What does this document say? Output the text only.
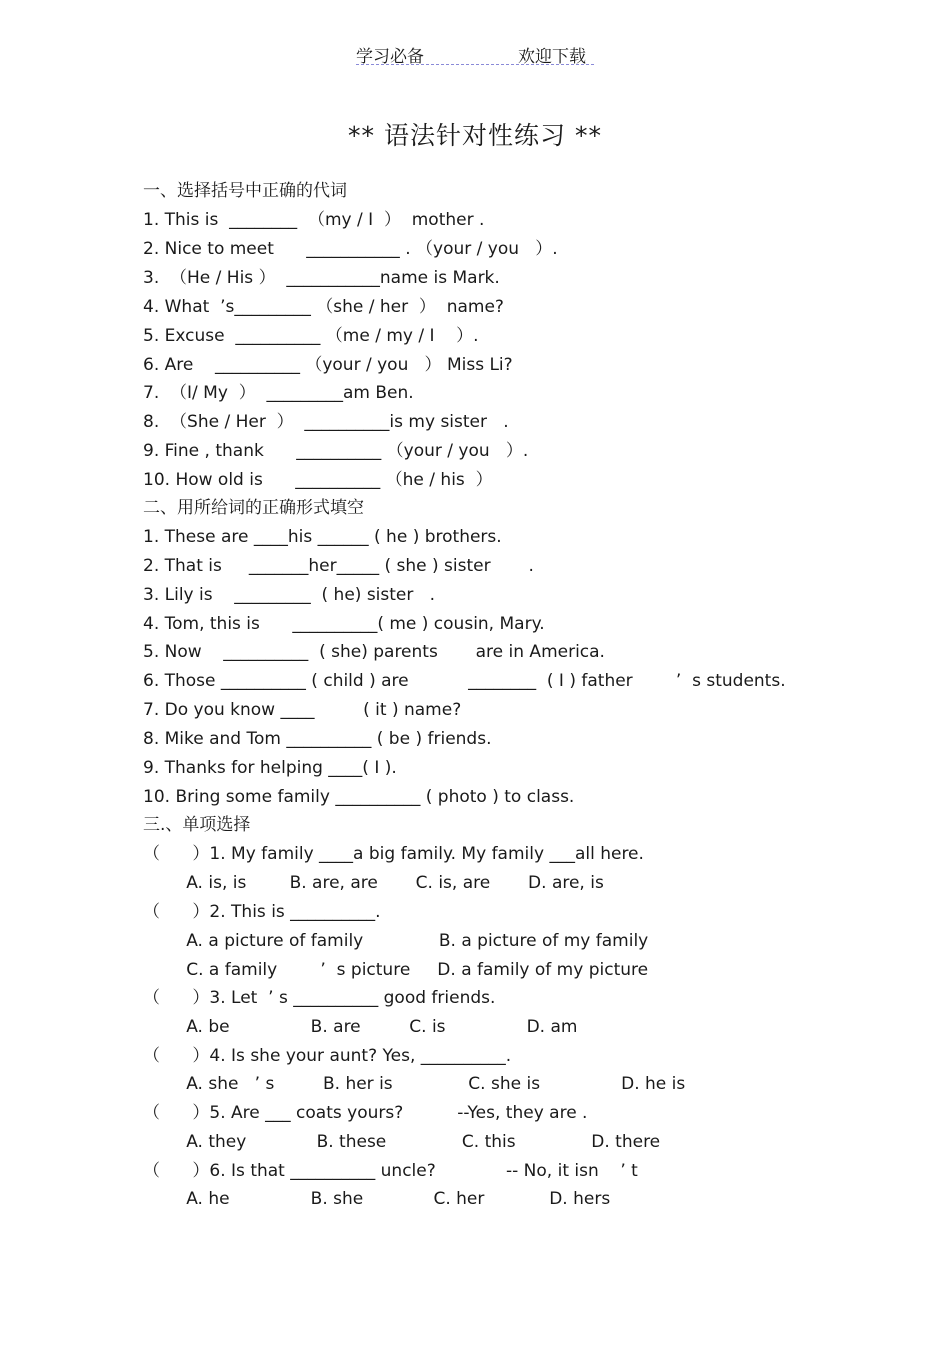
学习必备	欢迎下载
** 语法针对性练习 **
一、选择括号中正确的代词
1. This is  ________  （my / I  ）  mother .
2. Nice to meet      ___________ . （your / you   ）.
3.  （He / His ）  ___________name is Mark.
4. What  ’s_________ （she / her  ）  name?
5. Excuse  __________ （me / my / I    ）.
6. Are    __________ （your / you   ） Miss Li?
7.  （I/ My  ）  _________am Ben.
8.  （She / Her  ）  __________is my sister   .
9. Fine , thank      __________ （your / you   ）.
10. How old is      __________ （he / his  ）
二、用所给词的正确形式填空
1. These are ____his ______ ( he ) brothers.
2. That is     _______her_____ ( she ) sister       .
3. Lily is    _________  ( he) sister   .
4. Tom, this is      __________( me ) cousin, Mary.
5. Now    __________  ( she) parents       are in America.
6. Those __________ ( child ) are           ________  ( I ) father        ’  s students.
7. Do you know ____         ( it ) name?
8. Mike and Tom __________ ( be ) friends.
9. Thanks for helping ____( I ).
10. Bring some family __________ ( photo ) to class.
三.、单项选择
（      ）1. My family ____a big family. My family ___all here.
A. is, is        B. are, are       C. is, are       D. are, is
（      ）2. This is __________.
A. a picture of family              B. a picture of my family
C. a family        ’  s picture     D. a family of my picture
（      ）3. Let  ’ s __________ good friends.
A. be               B. are         C. is               D. am
（      ）4. Is she your aunt? Yes, __________.
A. she   ’ s         B. her is              C. she is               D. he is
（      ）5. Are ___ coats yours?          --Yes, they are .
A. they             B. these              C. this              D. there
（      ）6. Is that __________ uncle?             -- No, it isn    ’ t
A. he               B. she             C. her            D. hers
